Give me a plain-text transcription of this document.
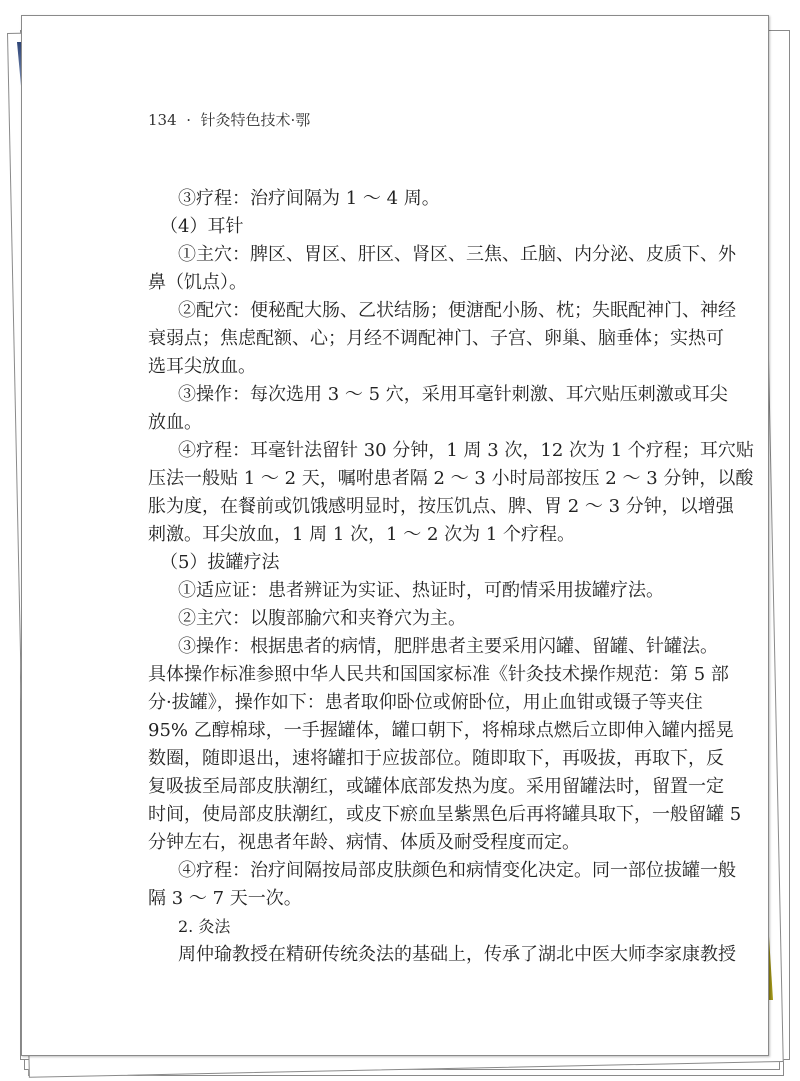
134 · 针灸特色技术·鄂
③疗程：治疗间隔为 1 ～ 4 周。
（4）耳针
①主穴：脾区、胃区、肝区、肾区、三焦、丘脑、内分泌、皮质下、外
鼻（饥点）。
②配穴：便秘配大肠、乙状结肠；便溏配小肠、枕；失眠配神门、神经
衰弱点；焦虑配额、心；月经不调配神门、子宫、卵巢、脑垂体；实热可
选耳尖放血。
③操作：每次选用 3 ～ 5 穴，采用耳毫针刺激、耳穴贴压刺激或耳尖
放血。
④疗程：耳毫针法留针 30 分钟，1 周 3 次，12 次为 1 个疗程；耳穴贴
压法一般贴 1 ～ 2 天，嘱咐患者隔 2 ～ 3 小时局部按压 2 ～ 3 分钟，以酸
胀为度，在餐前或饥饿感明显时，按压饥点、脾、胃 2 ～ 3 分钟，以增强
刺激。耳尖放血，1 周 1 次，1 ～ 2 次为 1 个疗程。
（5）拔罐疗法
①适应证：患者辨证为实证、热证时，可酌情采用拔罐疗法。
②主穴：以腹部腧穴和夹脊穴为主。
③操作：根据患者的病情，肥胖患者主要采用闪罐、留罐、针罐法。
具体操作标准参照中华人民共和国国家标准《针灸技术操作规范：第 5 部
分·拔罐》，操作如下：患者取仰卧位或俯卧位，用止血钳或镊子等夹住
95% 乙醇棉球，一手握罐体，罐口朝下，将棉球点燃后立即伸入罐内摇晃
数圈，随即退出，速将罐扣于应拔部位。随即取下，再吸拔，再取下，反
复吸拔至局部皮肤潮红，或罐体底部发热为度。采用留罐法时，留置一定
时间，使局部皮肤潮红，或皮下瘀血呈紫黑色后再将罐具取下，一般留罐 5
分钟左右，视患者年龄、病情、体质及耐受程度而定。
④疗程：治疗间隔按局部皮肤颜色和病情变化决定。同一部位拔罐一般
隔 3 ～ 7 天一次。
2. 灸法
周仲瑜教授在精研传统灸法的基础上，传承了湖北中医大师李家康教授
